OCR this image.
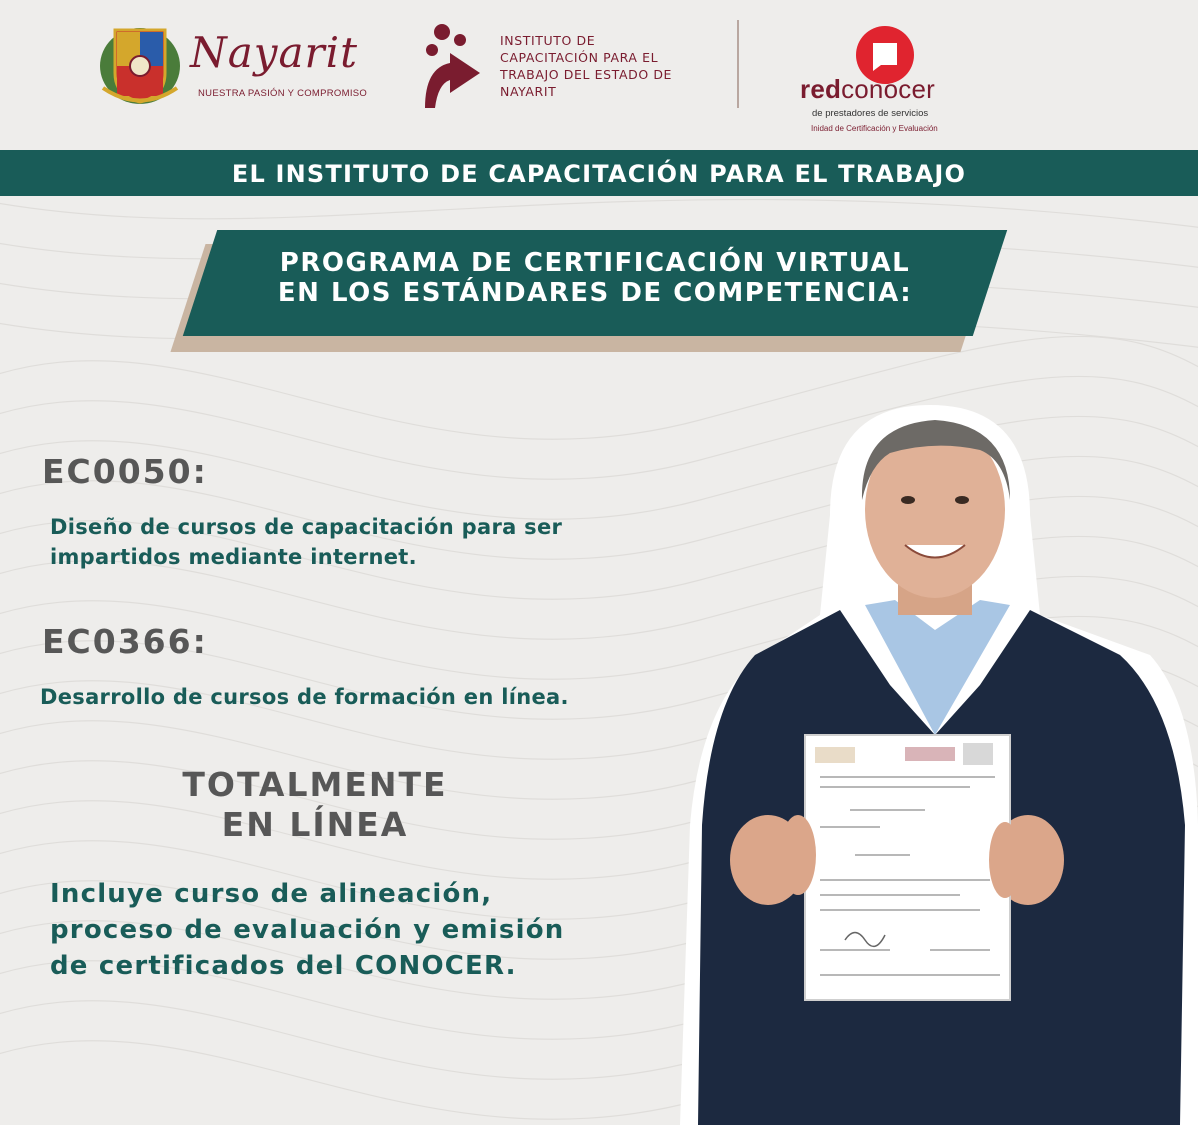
Nayarit
NUESTRA PASIÓN Y COMPROMISO
INSTITUTO DE
CAPACITACIÓN PARA EL
TRABAJO DEL ESTADO DE
NAYARIT	redconocer
de prestadores de servicios
Inidad de Certificación y Evaluación
EL INSTITUTO DE CAPACITACIÓN PARA EL TRABAJO
PROGRAMA DE CERTIFICACIÓN VIRTUAL
EN LOS ESTÁNDARES DE COMPETENCIA:
EC0050:
Diseño de cursos de capacitación para ser
impartidos mediante internet.
EC0366:
Desarrollo de cursos de formación en línea.
TOTALMENTE
EN LÍNEA
Incluye curso de alineación,
proceso de evaluación y emisión
de certificados del CONOCER.
